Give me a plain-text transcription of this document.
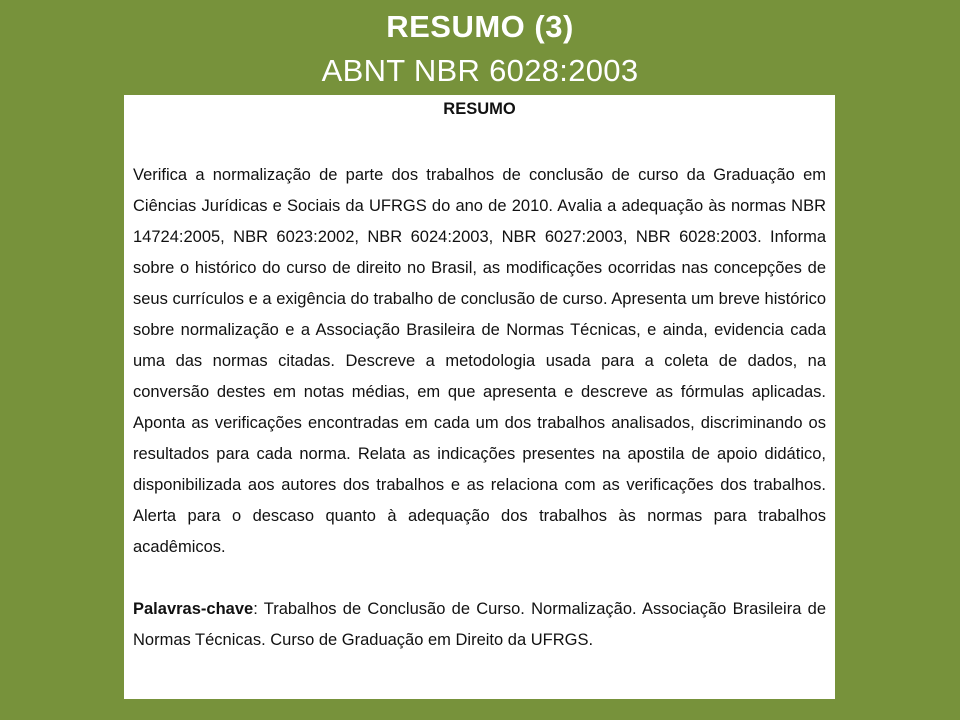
RESUMO (3)
ABNT NBR 6028:2003

RESUMO

Verifica a normalização de parte dos trabalhos de conclusão de curso da Graduação em Ciências Jurídicas e Sociais da UFRGS do ano de 2010. Avalia a adequação às normas NBR 14724:2005, NBR 6023:2002, NBR 6024:2003, NBR 6027:2003, NBR 6028:2003. Informa sobre o histórico do curso de direito no Brasil, as modificações ocorridas nas concepções de seus currículos e a exigência do trabalho de conclusão de curso. Apresenta um breve histórico sobre normalização e a Associação Brasileira de Normas Técnicas, e ainda, evidencia cada uma das normas citadas. Descreve a metodologia usada para a coleta de dados, na conversão destes em notas médias, em que apresenta e descreve as fórmulas aplicadas. Aponta as verificações encontradas em cada um dos trabalhos analisados, discriminando os resultados para cada norma. Relata as indicações presentes na apostila de apoio didático, disponibilizada aos autores dos trabalhos e as relaciona com as verificações dos trabalhos. Alerta para o descaso quanto à adequação dos trabalhos às normas para trabalhos acadêmicos.

Palavras-chave: Trabalhos de Conclusão de Curso. Normalização. Associação Brasileira de Normas Técnicas. Curso de Graduação em Direito da UFRGS.
